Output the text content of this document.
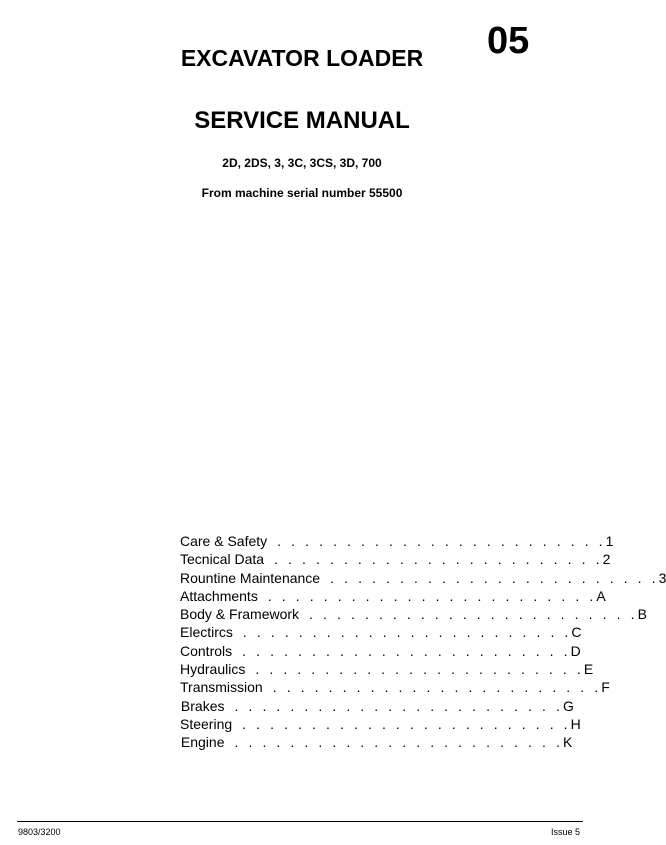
05
EXCAVATOR LOADER
SERVICE MANUAL
2D, 2DS, 3, 3C, 3CS, 3D, 700
From machine serial number 55500
Care & Safety . . . . . . . . . . . . . . . . . . . . . . . . 1
Tecnical Data . . . . . . . . . . . . . . . . . . . . . . . . 2
Rountine Maintenance . . . . . . . . . . . . . . . . . . . . . . . . 3
Attachments . . . . . . . . . . . . . . . . . . . . . . . . A
Body & Framework . . . . . . . . . . . . . . . . . . . . . . . . B
Electircs . . . . . . . . . . . . . . . . . . . . . . . . C
Controls . . . . . . . . . . . . . . . . . . . . . . . . D
Hydraulics . . . . . . . . . . . . . . . . . . . . . . . . E
Transmission . . . . . . . . . . . . . . . . . . . . . . . . F
Brakes . . . . . . . . . . . . . . . . . . . . . . . . G
Steering . . . . . . . . . . . . . . . . . . . . . . . . H
Engine . . . . . . . . . . . . . . . . . . . . . . . . K
9803/3200	Issue 5
